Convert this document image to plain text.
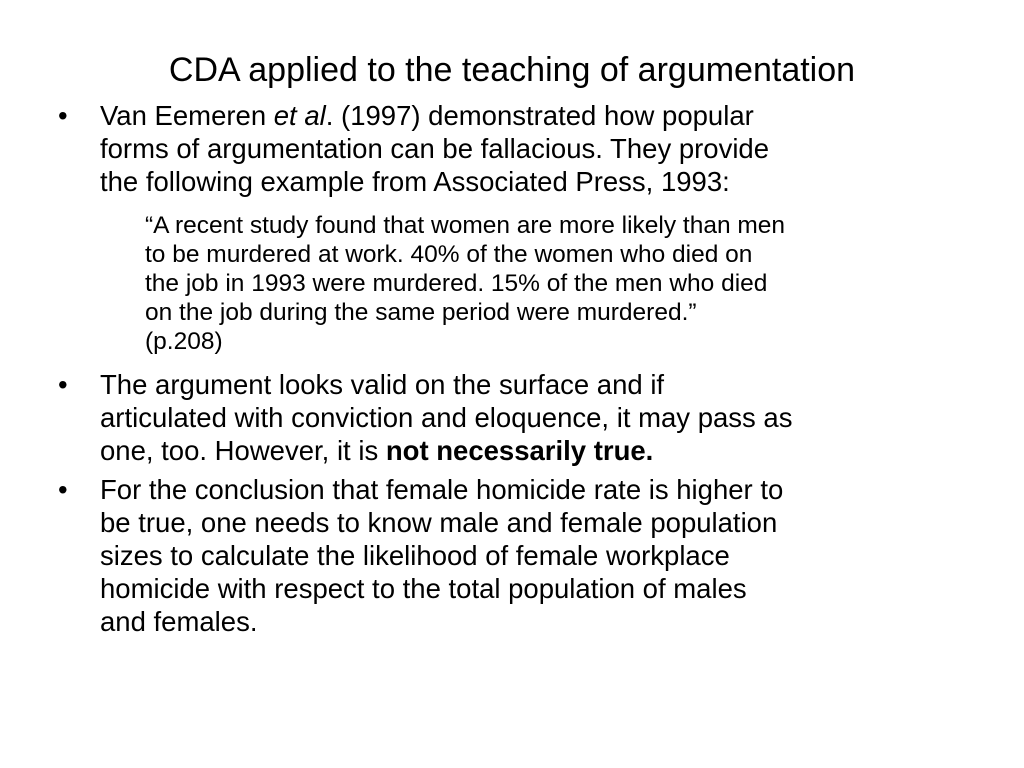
CDA applied to the teaching of argumentation
•	Van Eemeren et al. (1997) demonstrated how popular
forms of argumentation can be fallacious. They provide
the following example from Associated Press, 1993:
“A recent study found that women are more likely than men
to be murdered at work. 40% of the women who died on
the job in 1993 were murdered. 15% of the men who died
on the job during the same period were murdered.”
(p.208)
•	The argument looks valid on the surface and if
articulated with conviction and eloquence, it may pass as
one, too. However, it is not necessarily true.
•	For the conclusion that female homicide rate is higher to
be true, one needs to know male and female population
sizes to calculate the likelihood of female workplace
homicide with respect to the total population of males
and females.
